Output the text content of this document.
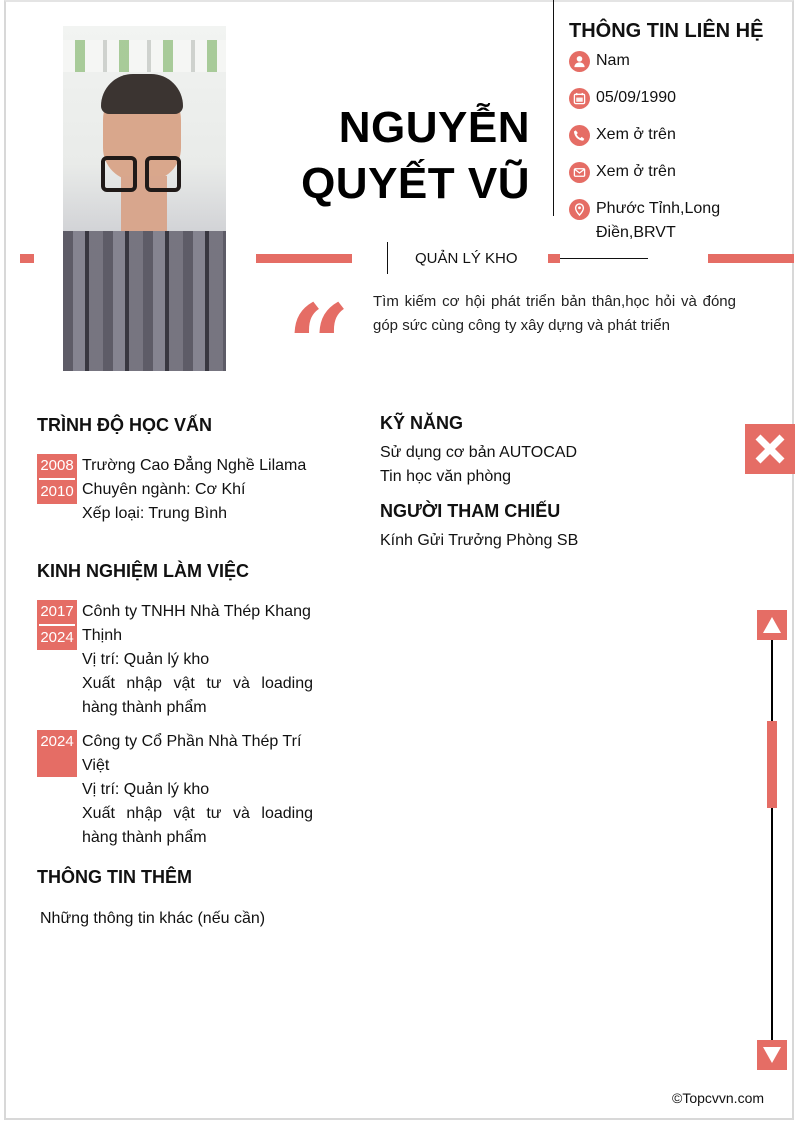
NGUYỄN
QUYẾT VŨ
THÔNG TIN LIÊN HỆ
Nam
05/09/1990
Xem ở trên
Xem ở trên
Phước Tỉnh,Long Điền,BRVT
QUẢN LÝ KHO
“ Tìm kiếm cơ hội phát triển bản thân,học hỏi và đóng góp sức cùng công ty xây dựng và phát triển
TRÌNH ĐỘ HỌC VẤN
2008
2010
Trường Cao Đẳng Nghề Lilama
Chuyên ngành: Cơ Khí
Xếp loại: Trung Bình
KINH NGHIỆM LÀM VIỆC
2017
2024
Cônh ty TNHH Nhà Thép Khang Thịnh
Vị trí: Quản lý kho
Xuất nhập vật tư và loading hàng thành phẩm
2024 Công ty Cổ Phần Nhà Thép Trí Việt
Vị trí: Quản lý kho
Xuất nhập vật tư và loading hàng thành phẩm
THÔNG TIN THÊM
Những thông tin khác (nếu cần)
KỸ NĂNG
Sử dụng cơ bản AUTOCAD
Tin học văn phòng
NGƯỜI THAM CHIẾU
Kính Gửi Trưởng Phòng SB
©Topcvvn.com
